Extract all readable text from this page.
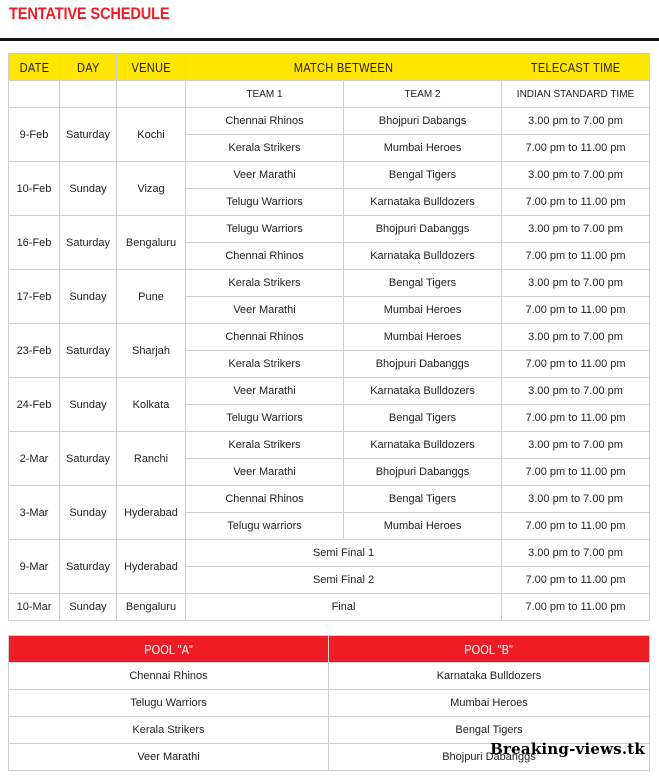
TENTATIVE SCHEDULE
DATE	DAY	VENUE	MATCH BETWEEN		TELECAST TIME
			TEAM 1	TEAM 2	INDIAN STANDARD TIME
9-Feb	Saturday	Kochi	Chennai Rhinos	Bhojpuri Dabangs	3.00 pm to 7.00 pm
			Kerala Strikers	Mumbai Heroes	7.00 pm to 11.00 pm
10-Feb	Sunday	Vizag	Veer Marathi	Bengal Tigers	3.00 pm to 7.00 pm
			Telugu Warriors	Karnataka Bulldozers	7.00 pm to 11.00 pm
16-Feb	Saturday	Bengaluru	Telugu Warriors	Bhojpuri Dabanggs	3.00 pm to 7.00 pm
			Chennai Rhinos	Karnataka Bulldozers	7.00 pm to 11.00 pm
17-Feb	Sunday	Pune	Kerala Strikers	Bengal Tigers	3.00 pm to 7.00 pm
			Veer Marathi	Mumbai Heroes	7.00 pm to 11.00 pm
23-Feb	Saturday	Sharjah	Chennai Rhinos	Mumbai Heroes	3.00 pm to 7.00 pm
			Kerala Strikers	Bhojpuri Dabanggs	7.00 pm to 11.00 pm
24-Feb	Sunday	Kolkata	Veer Marathi	Karnataka Bulldozers	3.00 pm to 7.00 pm
			Telugu Warriors	Bengal Tigers	7.00 pm to 11.00 pm
2-Mar	Saturday	Ranchi	Kerala Strikers	Karnataka Bulldozers	3.00 pm to 7.00 pm
			Veer Marathi	Bhojpuri Dabanggs	7.00 pm to 11.00 pm
3-Mar	Sunday	Hyderabad	Chennai Rhinos	Bengal Tigers	3.00 pm to 7.00 pm
			Telugu warriors	Mumbai Heroes	7.00 pm to 11.00 pm
9-Mar	Saturday	Hyderabad	Semi Final 1		3.00 pm to 7.00 pm
			Semi Final 2		7.00 pm to 11.00 pm
10-Mar	Sunday	Bengaluru	Final		7.00 pm to 11.00 pm
POOL "A"	POOL "B"
Chennai Rhinos	Karnataka Bulldozers
Telugu Warriors	Mumbai Heroes
Kerala Strikers	Bengal Tigers
Veer Marathi	Bhojpuri Dabanggs
Breaking-views.tk
